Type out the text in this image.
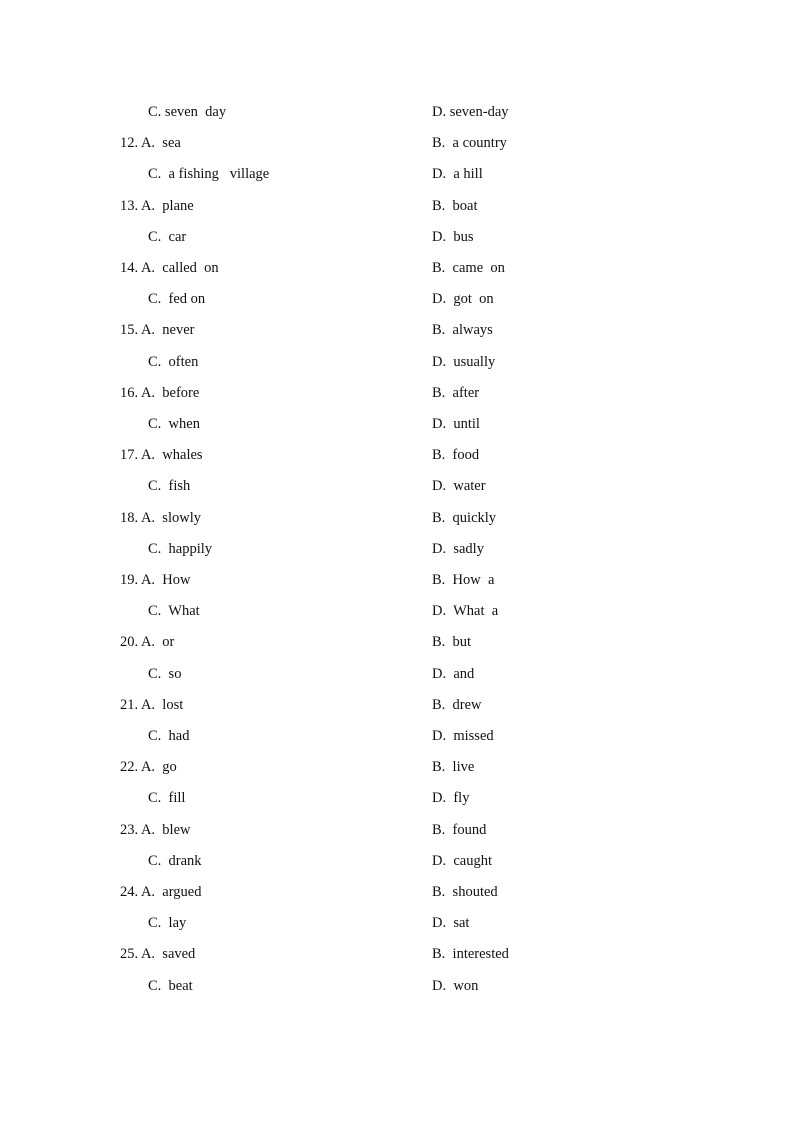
C. seven  day	D. seven-day
12. A.  sea	B.  a country
C.  a fishing   village	D.  a hill
13. A.  plane	B.  boat
C.  car	D.  bus
14. A.  called  on	B.  came  on
C.  fed on	D.  got  on
15. A.  never	B.  always
C.  often	D.  usually
16. A.  before	B.  after
C.  when	D.  until
17. A.  whales	B.  food
C.  fish	D.  water
18. A.  slowly	B.  quickly
C.  happily	D.  sadly
19. A.  How	B.  How  a
C.  What	D.  What  a
20. A.  or	B.  but
C.  so	D.  and
21. A.  lost	B.  drew
C.  had	D.  missed
22. A.  go	B.  live
C.  fill	D.  fly
23. A.  blew	B.  found
C.  drank	D.  caught
24. A.  argued	B.  shouted
C.  lay	D.  sat
25. A.  saved	B.  interested
C.  beat	D.  won
